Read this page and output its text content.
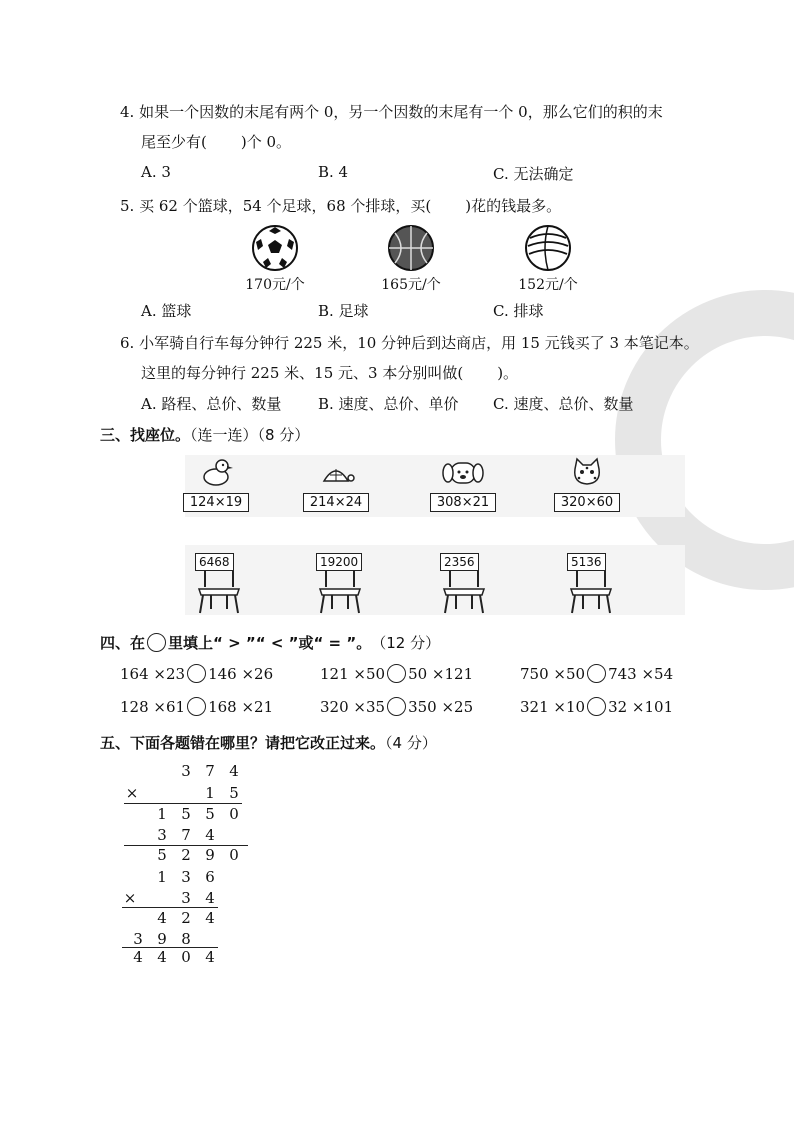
4. 如果一个因数的末尾有两个 0，另一个因数的末尾有一个 0，那么它们的积的末
尾至少有( )个 0。
A. 3	B. 4	C. 无法确定
5. 买 62 个篮球，54 个足球，68 个排球，买( )花的钱最多。
170元/个	165元/个	152元/个
A. 篮球	B. 足球	C. 排球
6. 小军骑自行车每分钟行 225 米，10 分钟后到达商店，用 15 元钱买了 3 本笔记本。
这里的每分钟行 225 米、15 元、3 本分别叫做( )。
A. 路程、总价、数量 B. 速度、总价、单价 C. 速度、总价、数量
三、找座位。（连一连）（8 分）
124×19	214×24	308×21	320×60
6468	19200	2356	5136
四、在 里填上“ > ”“ < ”或“ = ”。 （12 分）
164 ×23 146 ×26	121 ×50 50 ×121	750 ×50 743 ×54
128 ×61 168 ×21	320 ×35 350 ×25	321 ×10 32 ×101
五、下面各题错在哪里？请把它改正过来。（4 分）
3 7 4
×	1 5
1 5 5 0
3 7 4
5 2 9 0
1 3 6
×	3 4
4 2 4
3 9 8
4 4 0 4
